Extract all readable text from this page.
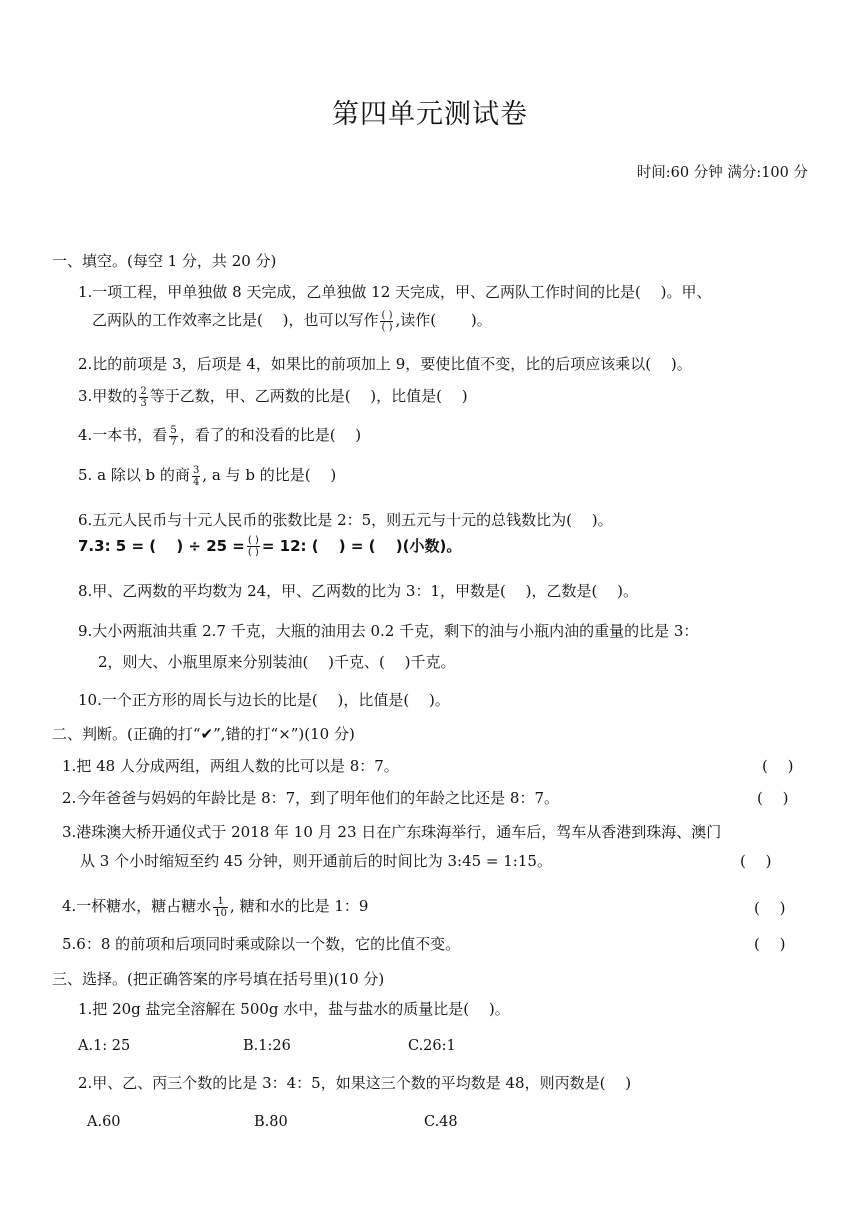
第四单元测试卷
时间:60 分钟 满分:100 分
一、填空。(每空 1 分，共 20 分)
1.一项工程，甲单独做 8 天完成，乙单独做 12 天完成，甲、乙两队工作时间的比是(　 )。甲、
乙两队的工作效率之比是(　 )，也可以写作 $\frac{( )}{( )}$ ,读作(　　 )。
2.比的前项是 3，后项是 4，如果比的前项加上 9，要使比值不变，比的后项应该乘以(　 )。
3.甲数的 $\frac{2}{3}$ 等于乙数，甲、乙两数的比是(　 )，比值是(　 )
4.一本书，看 $\frac{5}{7}$ ，看了的和没看的比是(　 )
5. a 除以 b 的商 $\frac{3}{4}$ , a 与 b 的比是(　 )
6.五元人民币与十元人民币的张数比是 2：5，则五元与十元的总钱数比为(　 )。
7.3: 5 = (　 ) ÷ $25 = \frac{( )}{( )} = 12$: (　 ) = (　 )(小数)。
8.甲、乙两数的平均数为 24，甲、乙两数的比为 3：1，甲数是(　 )，乙数是(　 )。
9.大小两瓶油共重 2.7 千克，大瓶的油用去 0.2 千克，剩下的油与小瓶内油的重量的比是 3：
2，则大、小瓶里原来分别装油(　 )千克、(　 )千克。
10.一个正方形的周长与边长的比是(　 )，比值是(　 )。
二、判断。(正确的打“✔”,错的打“×”)(10 分)
1.把 48 人分成两组，两组人数的比可以是 8：7。	(　 )
2.今年爸爸与妈妈的年龄比是 8：7，到了明年他们的年龄之比还是 8：7。	(　 )
3.港珠澳大桥开通仪式于 2018 年 10 月 23 日在广东珠海举行，通车后，驾车从香港到珠海、澳门
从 3 个小时缩短至约 45 分钟，则开通前后的时间比为 3:45 = 1:15。	(　 )
4.一杯糖水，糖占糖水 $\frac{1}{10}$ , 糖和水的比是 1：9	(　 )
5.6：8 的前项和后项同时乘或除以一个数，它的比值不变。	(　 )
三、选择。(把正确答案的序号填在括号里)(10 分)
1.把 20g 盐完全溶解在 500g 水中，盐与盐水的质量比是(　 )。
A.1: 25	B.1:26	C.26:1
2.甲、乙、丙三个数的比是 3：4：5，如果这三个数的平均数是 48，则丙数是(　 )
A.60	B.80	C.48
